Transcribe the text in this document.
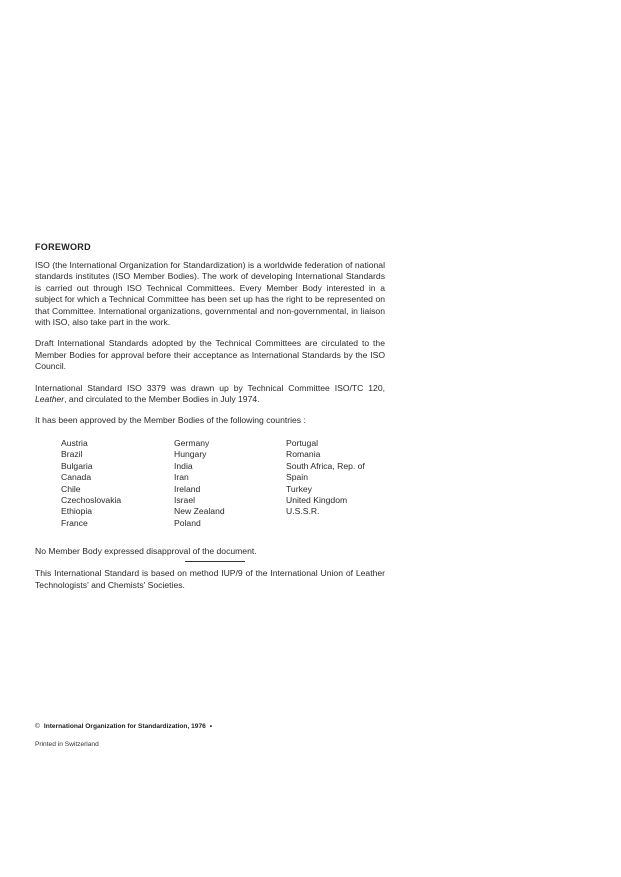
FOREWORD

ISO (the International Organization for Standardization) is a worldwide federation of national standards institutes (ISO Member Bodies). The work of developing International Standards is carried out through ISO Technical Committees. Every Member Body interested in a subject for which a Technical Committee has been set up has the right to be represented on that Committee. International organizations, governmental and non-governmental, in liaison with ISO, also take part in the work.

Draft International Standards adopted by the Technical Committees are circulated to the Member Bodies for approval before their acceptance as International Standards by the ISO Council.

International Standard ISO 3379 was drawn up by Technical Committee ISO/TC 120, Leather, and circulated to the Member Bodies in July 1974.

It has been approved by the Member Bodies of the following countries :
Austria
Brazil
Bulgaria
Canada
Chile
Czechoslovakia
Ethiopia
France
Germany
Hungary
India
Iran
Ireland
Israel
New Zealand
Poland
Portugal
Romania
South Africa, Rep. of
Spain
Turkey
United Kingdom
U.S.S.R.

No Member Body expressed disapproval of the document.

This International Standard is based on method IUP/9 of the International Union of Leather Technologists' and Chemists' Societies.

© International Organization for Standardization, 1976 •
Printed in Switzerland
